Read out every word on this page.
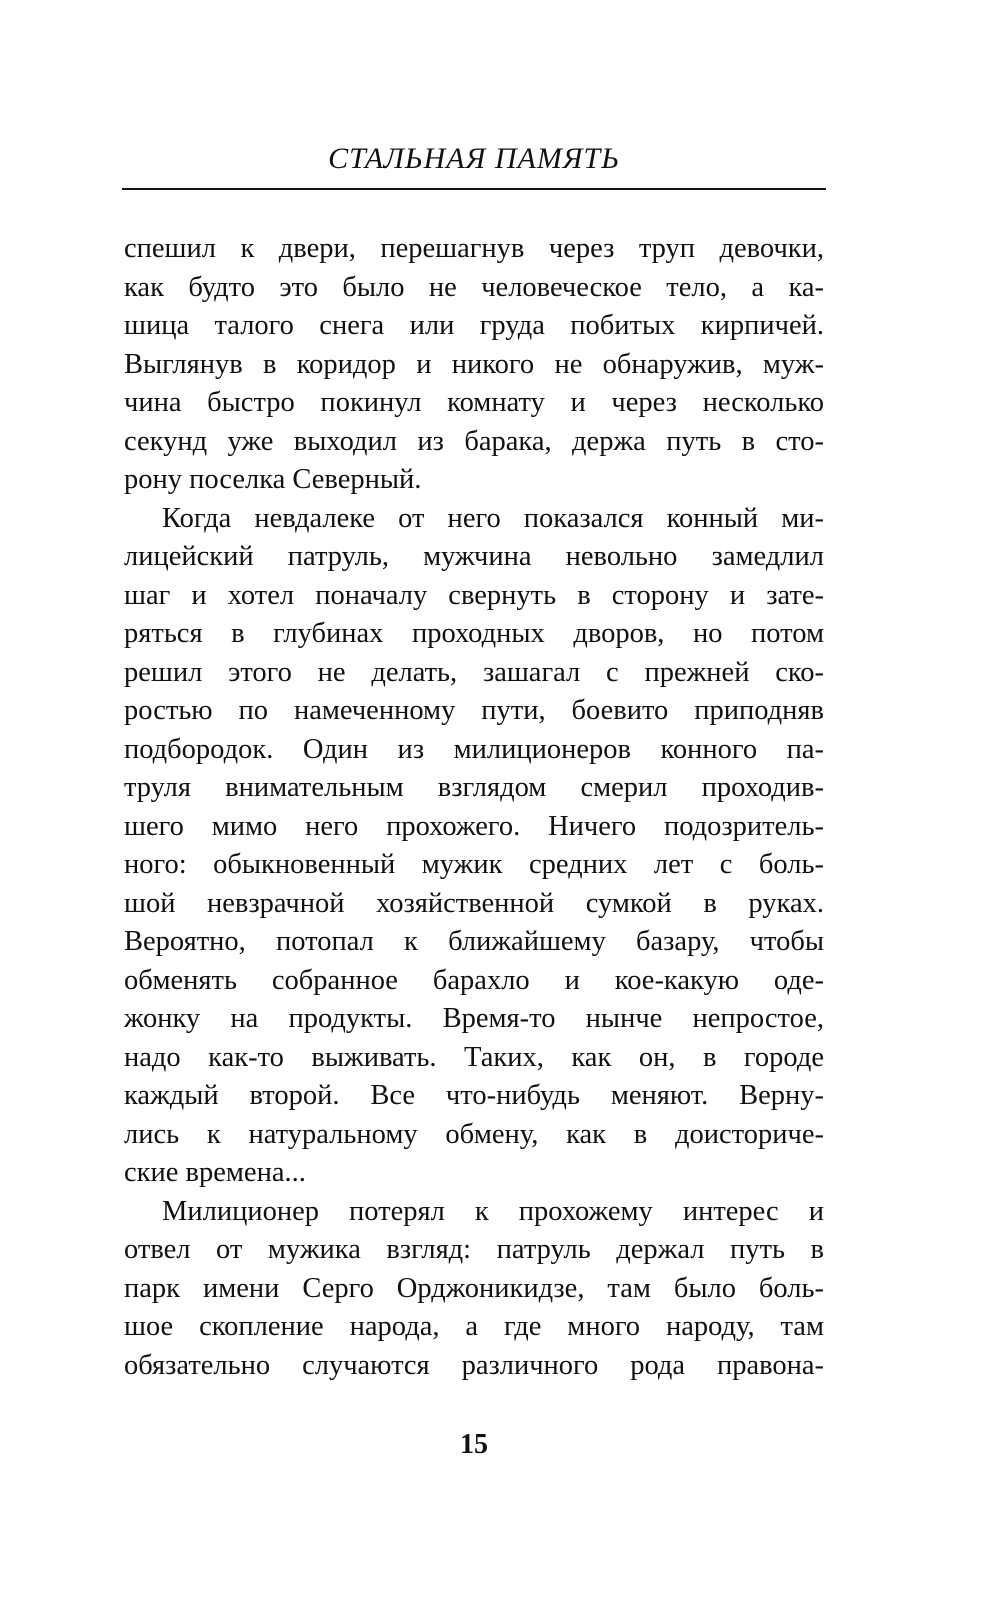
СТАЛЬНАЯ ПАМЯТЬ
спешил к двери, перешагнув через труп девочки,
как будто это было не человеческое тело, а ка-
шица талого снега или груда побитых кирпичей.
Выглянув в коридор и никого не обнаружив, муж-
чина быстро покинул комнату и через несколько
секунд уже выходил из барака, держа путь в сто-
рону поселка Северный.
Когда невдалеке от него показался конный ми-
лицейский патруль, мужчина невольно замедлил
шаг и хотел поначалу свернуть в сторону и зате-
ряться в глубинах проходных дворов, но потом
решил этого не делать, зашагал с прежней ско-
ростью по намеченному пути, боевито приподняв
подбородок. Один из милиционеров конного па-
труля внимательным взглядом смерил проходив-
шего мимо него прохожего. Ничего подозритель-
ного: обыкновенный мужик средних лет с боль-
шой невзрачной хозяйственной сумкой в руках.
Вероятно, потопал к ближайшему базару, чтобы
обменять собранное барахло и кое-какую оде-
жонку на продукты. Время-то нынче непростое,
надо как-то выживать. Таких, как он, в городе
каждый второй. Все что-нибудь меняют. Верну-
лись к натуральному обмену, как в доисториче-
ские времена...
Милиционер потерял к прохожему интерес и
отвел от мужика взгляд: патруль держал путь в
парк имени Серго Орджоникидзе, там было боль-
шое скопление народа, а где много народу, там
обязательно случаются различного рода правона-
15
